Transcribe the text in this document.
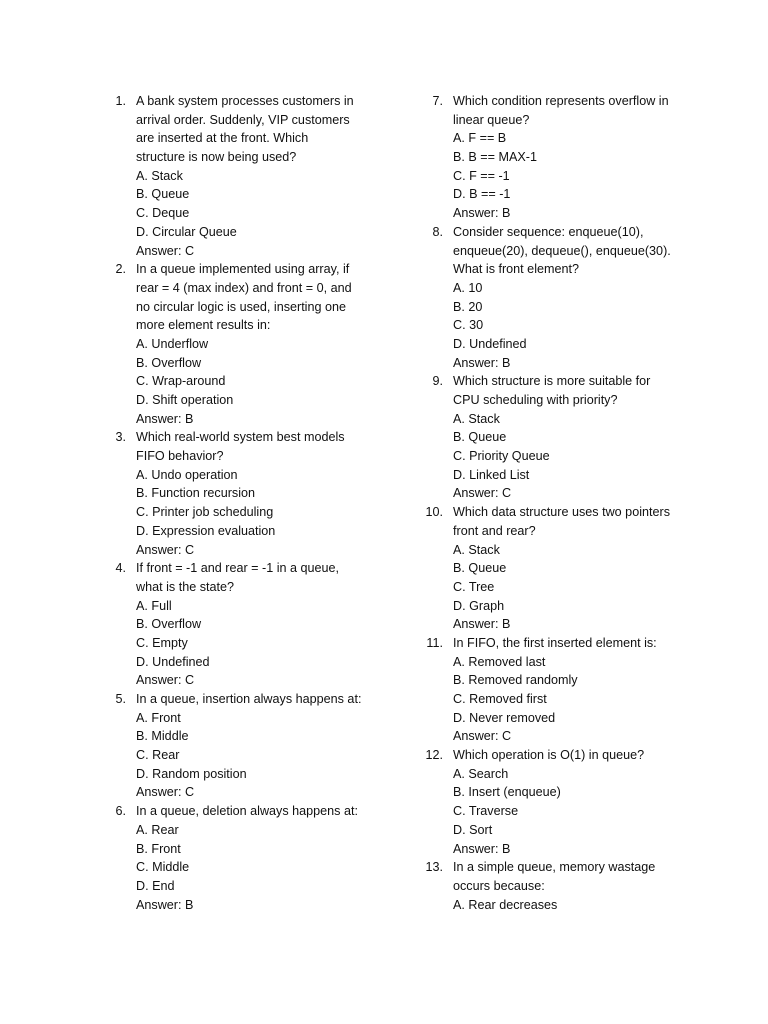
1. A bank system processes customers in
arrival order. Suddenly, VIP customers
are inserted at the front. Which
structure is now being used?
A. Stack
B. Queue
C. Deque
D. Circular Queue
Answer: C
2. In a queue implemented using array, if
rear = 4 (max index) and front = 0, and
no circular logic is used, inserting one
more element results in:
A. Underflow
B. Overflow
C. Wrap-around
D. Shift operation
Answer: B
3. Which real-world system best models
FIFO behavior?
A. Undo operation
B. Function recursion
C. Printer job scheduling
D. Expression evaluation
Answer: C
4. If front = -1 and rear = -1 in a queue,
what is the state?
A. Full
B. Overflow
C. Empty
D. Undefined
Answer: C
5. In a queue, insertion always happens at:
A. Front
B. Middle
C. Rear
D. Random position
Answer: C
6. In a queue, deletion always happens at:
A. Rear
B. Front
C. Middle
D. End
Answer: B
7. Which condition represents overflow in
linear queue?
A. F == B
B. B == MAX-1
C. F == -1
D. B == -1
Answer: B
8. Consider sequence: enqueue(10),
enqueue(20), dequeue(), enqueue(30).
What is front element?
A. 10
B. 20
C. 30
D. Undefined
Answer: B
9. Which structure is more suitable for
CPU scheduling with priority?
A. Stack
B. Queue
C. Priority Queue
D. Linked List
Answer: C
10. Which data structure uses two pointers
front and rear?
A. Stack
B. Queue
C. Tree
D. Graph
Answer: B
11. In FIFO, the first inserted element is:
A. Removed last
B. Removed randomly
C. Removed first
D. Never removed
Answer: C
12. Which operation is O(1) in queue?
A. Search
B. Insert (enqueue)
C. Traverse
D. Sort
Answer: B
13. In a simple queue, memory wastage
occurs because:
A. Rear decreases
